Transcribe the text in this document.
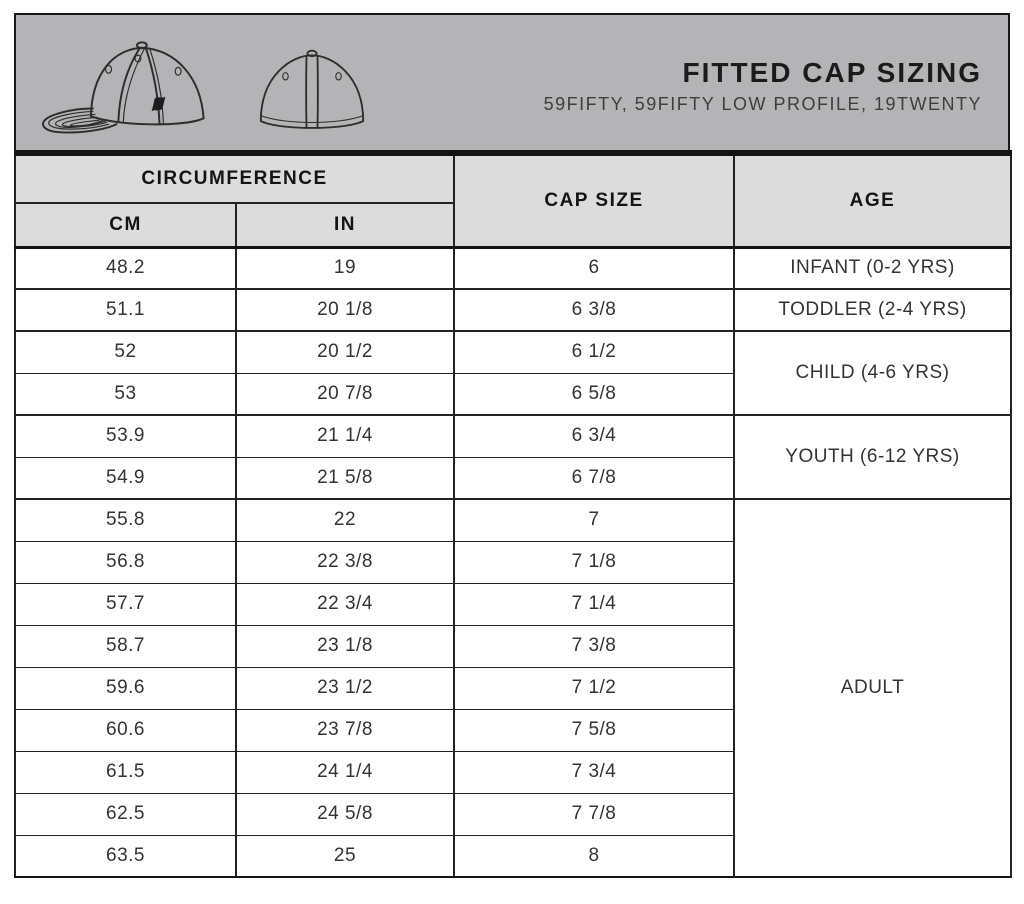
FITTED CAP SIZING
59FIFTY, 59FIFTY LOW PROFILE, 19TWENTY
CIRCUMFERENCE		CAP SIZE	AGE
CM	IN		
48.2	19	6	INFANT (0-2 YRS)
51.1	20 1/8	6 3/8	TODDLER (2-4 YRS)
52	20 1/2	6 1/2	CHILD (4-6 YRS)
53	20 7/8	6 5/8	
53.9	21 1/4	6 3/4	YOUTH (6-12 YRS)
54.9	21 5/8	6 7/8	
55.8	22	7	ADULT
56.8	22 3/8	7 1/8	
57.7	22 3/4	7 1/4	
58.7	23 1/8	7 3/8	
59.6	23 1/2	7 1/2	
60.6	23 7/8	7 5/8	
61.5	24 1/4	7 3/4	
62.5	24 5/8	7 7/8	
63.5	25	8	
